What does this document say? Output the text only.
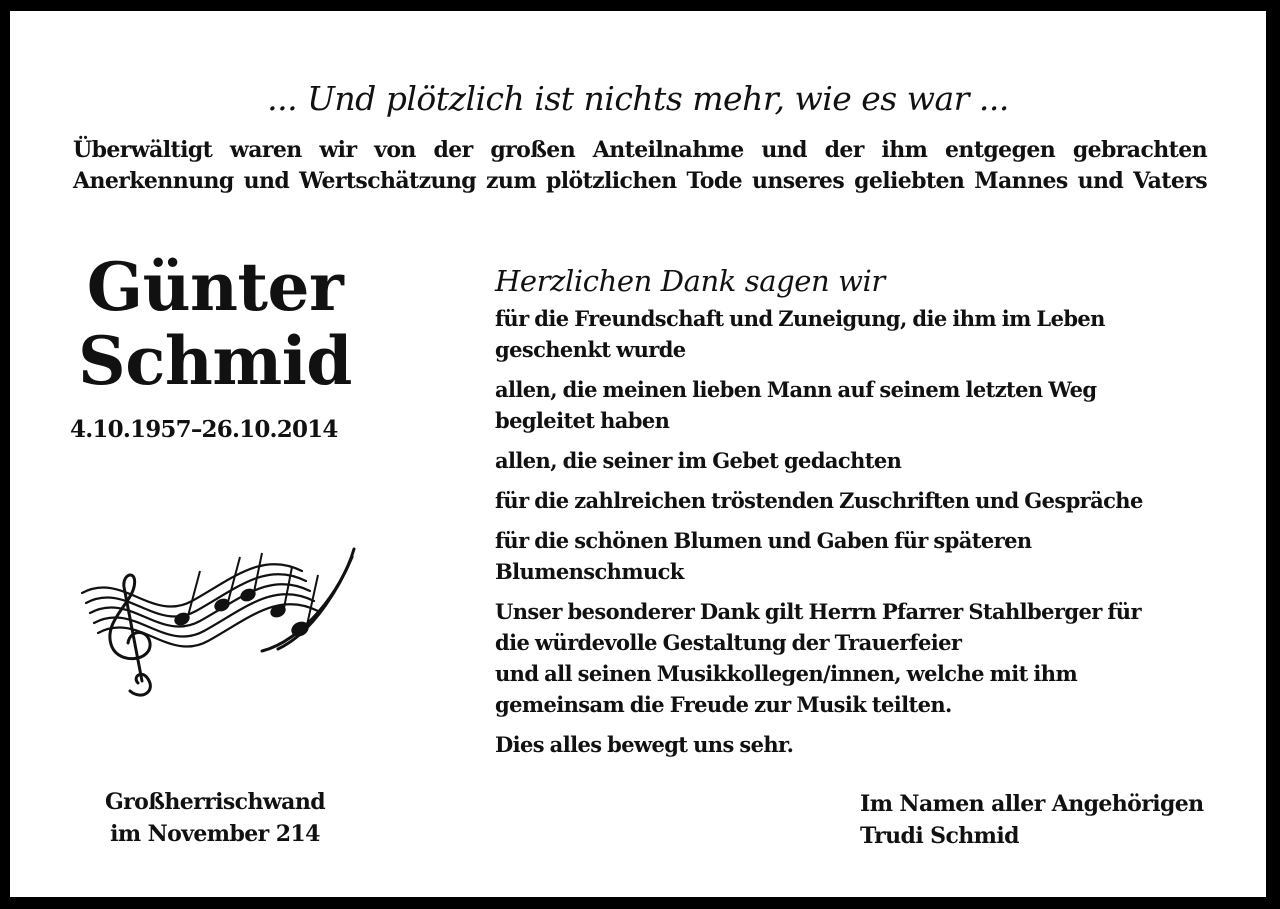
... Und plötzlich ist nichts mehr, wie es war ...

Überwältigt waren wir von der großen Anteilnahme und der ihm entgegen gebrachten
Anerkennung und Wertschätzung zum plötzlichen Tode unseres geliebten Mannes und Vaters

Günter

Schmid

4.10.1957–26.10.2014

Großherrischwand
im November 214

Herzlichen Dank sagen wir

für die Freundschaft und Zuneigung, die ihm im Leben
geschenkt wurde

allen, die meinen lieben Mann auf seinem letzten Weg
begleitet haben

allen, die seiner im Gebet gedachten

für die zahlreichen tröstenden Zuschriften und Gespräche

für die schönen Blumen und Gaben für späteren
Blumenschmuck

Unser besonderer Dank gilt Herrn Pfarrer Stahlberger für
die würdevolle Gestaltung der Trauerfeier
und all seinen Musikkollegen/innen, welche mit ihm
gemeinsam die Freude zur Musik teilten.

Dies alles bewegt uns sehr.

Im Namen aller Angehörigen
Trudi Schmid
